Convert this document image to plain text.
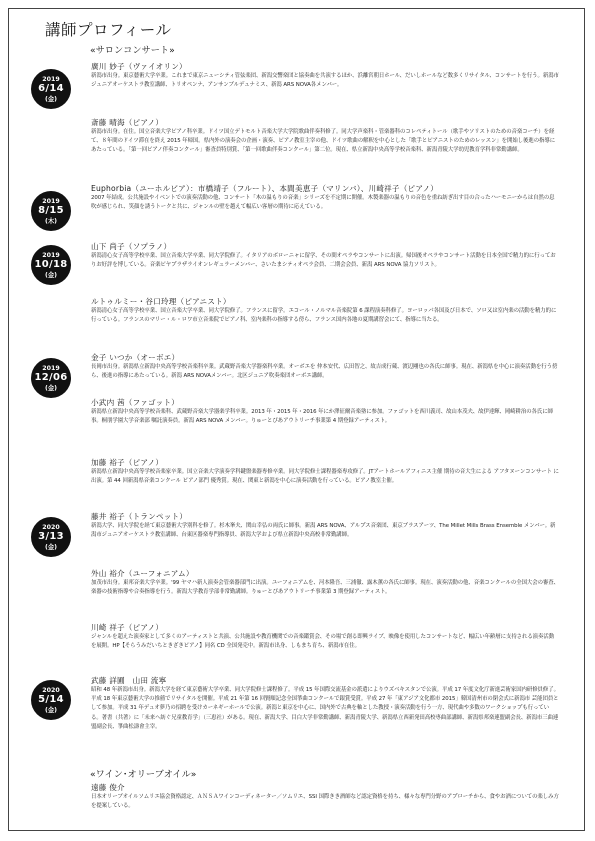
講師プロフィール
«サロンコンサート»
2019
6/14
(金)
2019
8/15
(木)
2019
10/18
(金)
2019
12/06
(金)
2020
3/13
(金)
2020
5/14
(金)
廣川 妙子（ヴァイオリン）
新潟市出身。東京藝術大学卒業。これまで東京ニューシティ管弦楽団、新潟交響楽団と協奏曲を共演するほか、浜離宮朝日ホール、だいしホールなど数多くリサイタル、コンサートを行う。新潟市ジュニアオーケストラ教室講師、トリオペンナ、アンサンブルデュナミス、新潟 ARS NOVA各メンバー。
斎藤 晴海（ピアノ）
新潟市出身。在住。国立音楽大学ピアノ科卒業。ドイツ国立デトモルト音楽大学大学院歌曲伴奏科修了。同大学声楽科・管楽器科のコレペティトール（歌手やソリストのための音楽コーチ）を経て、８年間のドイツ滞在を終え 2015 年帰国。県内外の演奏会の企画・演奏、ピアノ教室主宰の他、ドイツ歌曲の解釈を中心とした「歌手とピアニストのためのレッスン」を開始し後進の指導にあたっている。「第一回ピアノ伴奏コンクール」審査員特別賞、「第一回歌曲伴奏コンクール」第二位。現在、県立新潟中央高等学校音楽科、新潟青陵大学幼児教育学科非常勤講師。
Euphorbia（ユーホルビア）：市橋靖子（フルート）、本間美恵子（マリンバ）、川崎祥子（ピアノ）
2007 年結成。公共施設やイベントでの演奏活動の他、コンサート「木の温もりの音楽」シリーズを不定期に開催。木製楽器の温もりの音色を重ね紡ぎ出す目の合ったハーモニーからは自然の息吹が感じられ、笑顔を誘うトークと共に、ジャンルの壁を越えて幅広い客層の期待に応えている。
山下 尚子（ソプラノ）
新潟清心女子高等学校卒業、国立音楽大学卒業、同大学院修了。イタリアのボローニャに留学、その間オペラやコンサートに出演。帰国後オペラやコンサート活動を日本全国で精力的に行っておりお好評を博している。音楽ピヤプラザライオンレギュラーメンバー、さいたまシティオペラ会員、二期会会員、新潟 ARS NOVA 協力ソリスト。
ルトゥルミー・谷口玲理（ピアニスト）
新潟清心女子高等学校卒業、国立音楽大学卒業、同大学院修了。フランスに留学。エコール・ノルマル音楽院第 6 課程演奏科修了。ヨーロッパ各国及び日本で、ソロ又は室内楽の活動を精力的に行っている。フランスのマリー・ル・ロワ市立音楽院でピアノ科、室内楽科の指導する傍ら、フランス国内各地の夏期講習会にて、指導に当たる。
金子 いつか（オーボエ）
長岡市出身。新潟県立新潟中央高等学校音楽科卒業。武蔵野音楽大学器楽科卒業。オーボエを 仲本安代、広田智之、故吉成行蔵、渡辺剛也の各氏に師事。現在、新潟県を中心に演奏活動を行う傍ら、後進の指導にあたっている。新潟 ARS NOVAメンバー。北区ジュニア吹奏楽団オーボエ講師。
小武内 茜（ファゴット）
新潟県立新潟中央高等学校音楽科、武蔵野音楽大学器楽学科卒業。2013 年・2015 年・2016 年にか澤征爾音楽塾に参加。ファゴットを西川義司、故山本茂夫、故伊達輝、岡崎耕治の各氏に師事。桐朋学園大学音楽部 嘱託演奏員。新潟 ARS NOVA メンバー。りゅーとぴあアウトリーチ事業第 4 期登録アーティスト。
加藤 裕子（ピアノ）
新潟県立新潟中央高等学校音楽家卒業。国立音楽大学演奏学科鍵盤楽器専修卒業。同大学院修士課程器楽専攻修了。JTアートホールアフィニス主催 期待の音大生による アフタヌーンコンサート に出演。第 44 回新潟県音楽コンクール ピアノ部門 優秀賞。現在、関東と新潟を中心に演奏活動を行っている。ピアノ教室主催。
藤井 裕子（トランペット）
新潟大学、同大学院を経て東京藝術大学別科を修了。杉木峯夫、関山幸弘の両氏に師事。新潟 ARS NOVA、アルプス音楽団、東京ブラスアーツ、The Millet Mills Brass Ensemble メンバー。新潟市ジュニアオーケストラ教室講師、台東区器楽専門指導員、新潟大学および県立新潟中央高校非常勤講師。
外山 裕介（ユーフォニアム）
加茂市出身。東邦音楽大学卒業。'99 ヤマハ新人演奏会管楽器部門に出演。ユーフォニアムを、河本隆吾、三浦徹、露木薫の各氏に師事。現在、演奏活動の他、音楽コンクールの全国大会の審査、楽器の技術指導や合奏指導を行う。新潟大学教育学部非常勤講師。りゅーとぴあアウトリーチ事業第 3 期登録アーティスト。
川崎 祥子（ピアノ）
ジャンルを超えた演奏家として多くのアーティストと共演、公共施設や教育機関での音楽鑑賞会、その場で創る即興ライブ、映像を使用したコンサートなど、幅広い年齢層に支持される演奏活動を展開。HP【そらうみだいちときざきピアノ】同名 CD 全国発売中。新潟市出身、しもまち育ち、新潟市在住。
武藤 詳圃　山田 流寧
昭和 48 年新潟市出身。新潟大学を経て東京藝術大学卒業、同大学院修士課程修了。平成 15 年国際交流基金の派遣によりウズベキスタンで公演。平成 17 年度文化庁新進芸術家国内研修員修了。平成 18 年東京藝術大学の推薦でリサイタルを開催。平成 21 年第 16 回賢順記念全国箏曲コンクールで銀賞受賞。平成 27 年「東アジア文化都市 2015」韓国清州市の閉会式に新潟市 芸能団員として参加。平成 31 年デュオ夢乃の招聘を受けカーネギーホールで公演。新潟と東京を中心に、国内外で古典を軸とした教授・演奏活動を行う一方、現代曲や多数のワークショップも行っている。著書（共著）に「未来へ紡ぐ兄童教育学」（三恵社）がある。現在、新潟大学、目白大学非常勤講師、新潟青陵大学、新潟県立西新発田高校専曲部講師、新潟県邦楽連盟副会長、新潟市三曲連盟副会長、箏曲松濤會主宰。
«ワイン･オリーブオイル»
遠藤 俊介
日本オリーブオイルソムリエ協会資格認定、ＡＮＳＡワインコーディネーター／ソムリエ、SSI 国際きき酒師など認定資格を持ち、様々な専門分野のアプローチから、食やお酒についての楽しみ方を提案している。
